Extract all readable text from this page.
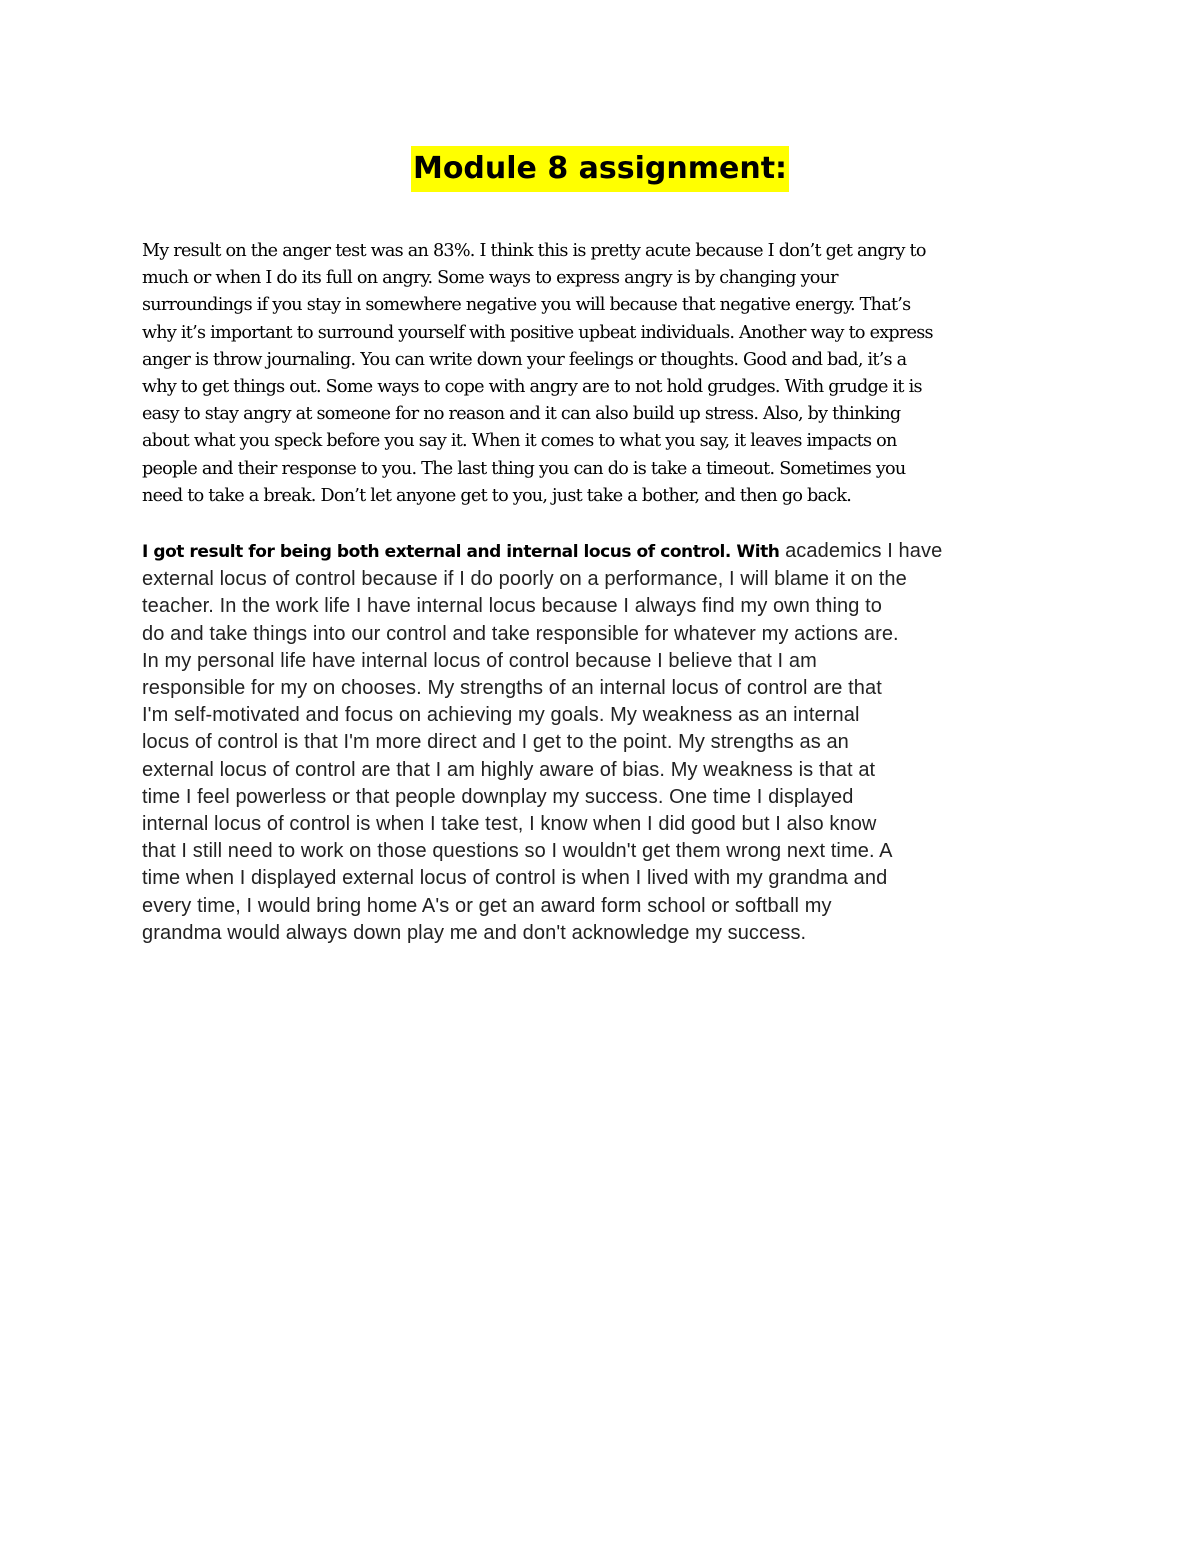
Module 8 assignment:

My result on the anger test was an 83%. I think this is pretty acute because I don’t get angry to
much or when I do its full on angry. Some ways to express angry is by changing your
surroundings if you stay in somewhere negative you will because that negative energy. That’s
why it’s important to surround yourself with positive upbeat individuals. Another way to express
anger is throw journaling. You can write down your feelings or thoughts. Good and bad, it’s a
why to get things out. Some ways to cope with angry are to not hold grudges. With grudge it is
easy to stay angry at someone for no reason and it can also build up stress. Also, by thinking
about what you speck before you say it. When it comes to what you say, it leaves impacts on
people and their response to you. The last thing you can do is take a timeout. Sometimes you
need to take a break. Don’t let anyone get to you, just take a bother, and then go back.

I got result for being both external and internal locus of control. With academics I have
external locus of control because if I do poorly on a performance, I will blame it on the
teacher. In the work life I have internal locus because I always find my own thing to
do and take things into our control and take responsible for whatever my actions are.
In my personal life have internal locus of control because I believe that I am
responsible for my on chooses. My strengths of an internal locus of control are that
I'm self-motivated and focus on achieving my goals. My weakness as an internal
locus of control is that I'm more direct and I get to the point. My strengths as an
external locus of control are that I am highly aware of bias. My weakness is that at
time I feel powerless or that people downplay my success. One time I displayed
internal locus of control is when I take test, I know when I did good but I also know
that I still need to work on those questions so I wouldn't get them wrong next time. A
time when I displayed external locus of control is when I lived with my grandma and
every time, I would bring home A's or get an award form school or softball my
grandma would always down play me and don't acknowledge my success.
